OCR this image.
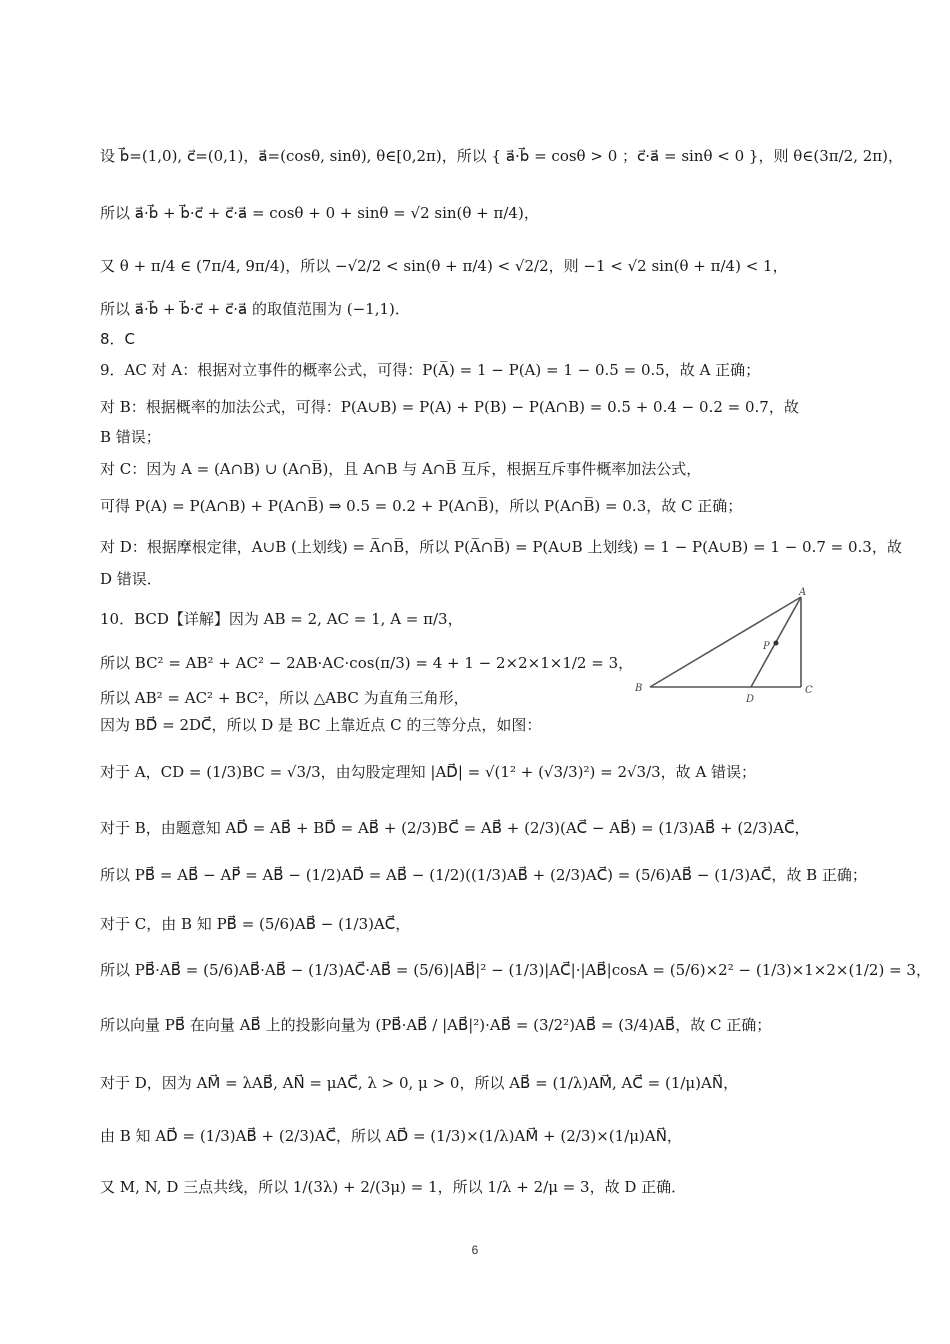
设 b⃗=(1,0), c⃗=(0,1)，a⃗=(cosθ, sinθ), θ∈[0,2π)，所以 { a⃗·b⃗ = cosθ > 0 ；c⃗·a⃗ = sinθ < 0 }，则 θ∈(3π/2, 2π)，
所以 a⃗·b⃗ + b⃗·c⃗ + c⃗·a⃗ = cosθ + 0 + sinθ = √2 sin(θ + π/4)，
又 θ + π/4 ∈ (7π/4, 9π/4)，所以 −√2/2 < sin(θ + π/4) < √2/2，则 −1 < √2 sin(θ + π/4) < 1，
所以 a⃗·b⃗ + b⃗·c⃗ + c⃗·a⃗ 的取值范围为 (−1,1)．
8．C
9．AC 对 A：根据对立事件的概率公式，可得：P(A̅) = 1 − P(A) = 1 − 0.5 = 0.5，故 A 正确；
对 B：根据概率的加法公式，可得：P(A∪B) = P(A) + P(B) − P(A∩B) = 0.5 + 0.4 − 0.2 = 0.7，故
B 错误；
对 C：因为 A = (A∩B) ∪ (A∩B̅)，且 A∩B 与 A∩B̅ 互斥，根据互斥事件概率加法公式，
可得 P(A) = P(A∩B) + P(A∩B̅) ⇒ 0.5 = 0.2 + P(A∩B̅)，所以 P(A∩B̅) = 0.3，故 C 正确；
对 D：根据摩根定律，A∪B (上划线) = A̅∩B̅，所以 P(A̅∩B̅) = P(A∪B 上划线) = 1 − P(A∪B) = 1 − 0.7 = 0.3，故
D 错误．
10．BCD【详解】因为 AB = 2, AC = 1, A = π/3，
所以 BC² = AB² + AC² − 2AB·AC·cos(π/3) = 4 + 1 − 2×2×1×1/2 = 3，
所以 AB² = AC² + BC²，所以 △ABC 为直角三角形，
因为 BD⃗ = 2DC⃗，所以 D 是 BC 上靠近点 C 的三等分点，如图：
对于 A，CD = (1/3)BC = √3/3，由勾股定理知 |AD⃗| = √(1² + (√3/3)²) = 2√3/3，故 A 错误；
对于 B，由题意知 AD⃗ = AB⃗ + BD⃗ = AB⃗ + (2/3)BC⃗ = AB⃗ + (2/3)(AC⃗ − AB⃗) = (1/3)AB⃗ + (2/3)AC⃗，
所以 PB⃗ = AB⃗ − AP⃗ = AB⃗ − (1/2)AD⃗ = AB⃗ − (1/2)((1/3)AB⃗ + (2/3)AC⃗) = (5/6)AB⃗ − (1/3)AC⃗，故 B 正确；
对于 C，由 B 知 PB⃗ = (5/6)AB⃗ − (1/3)AC⃗，
所以 PB⃗·AB⃗ = (5/6)AB⃗·AB⃗ − (1/3)AC⃗·AB⃗ = (5/6)|AB⃗|² − (1/3)|AC⃗|·|AB⃗|cosA = (5/6)×2² − (1/3)×1×2×(1/2) = 3，
所以向量 PB⃗ 在向量 AB⃗ 上的投影向量为 (PB⃗·AB⃗ / |AB⃗|²)·AB⃗ = (3/2²)AB⃗ = (3/4)AB⃗，故 C 正确；
对于 D，因为 AM⃗ = λAB⃗, AN⃗ = μAC⃗, λ > 0, μ > 0，所以 AB⃗ = (1/λ)AM⃗, AC⃗ = (1/μ)AN⃗，
由 B 知 AD⃗ = (1/3)AB⃗ + (2/3)AC⃗，所以 AD⃗ = (1/3)×(1/λ)AM⃗ + (2/3)×(1/μ)AN⃗，
又 M, N, D 三点共线，所以 1/(3λ) + 2/(3μ) = 1，所以 1/λ + 2/μ = 3，故 D 正确．
A
B	C
D
P
6
